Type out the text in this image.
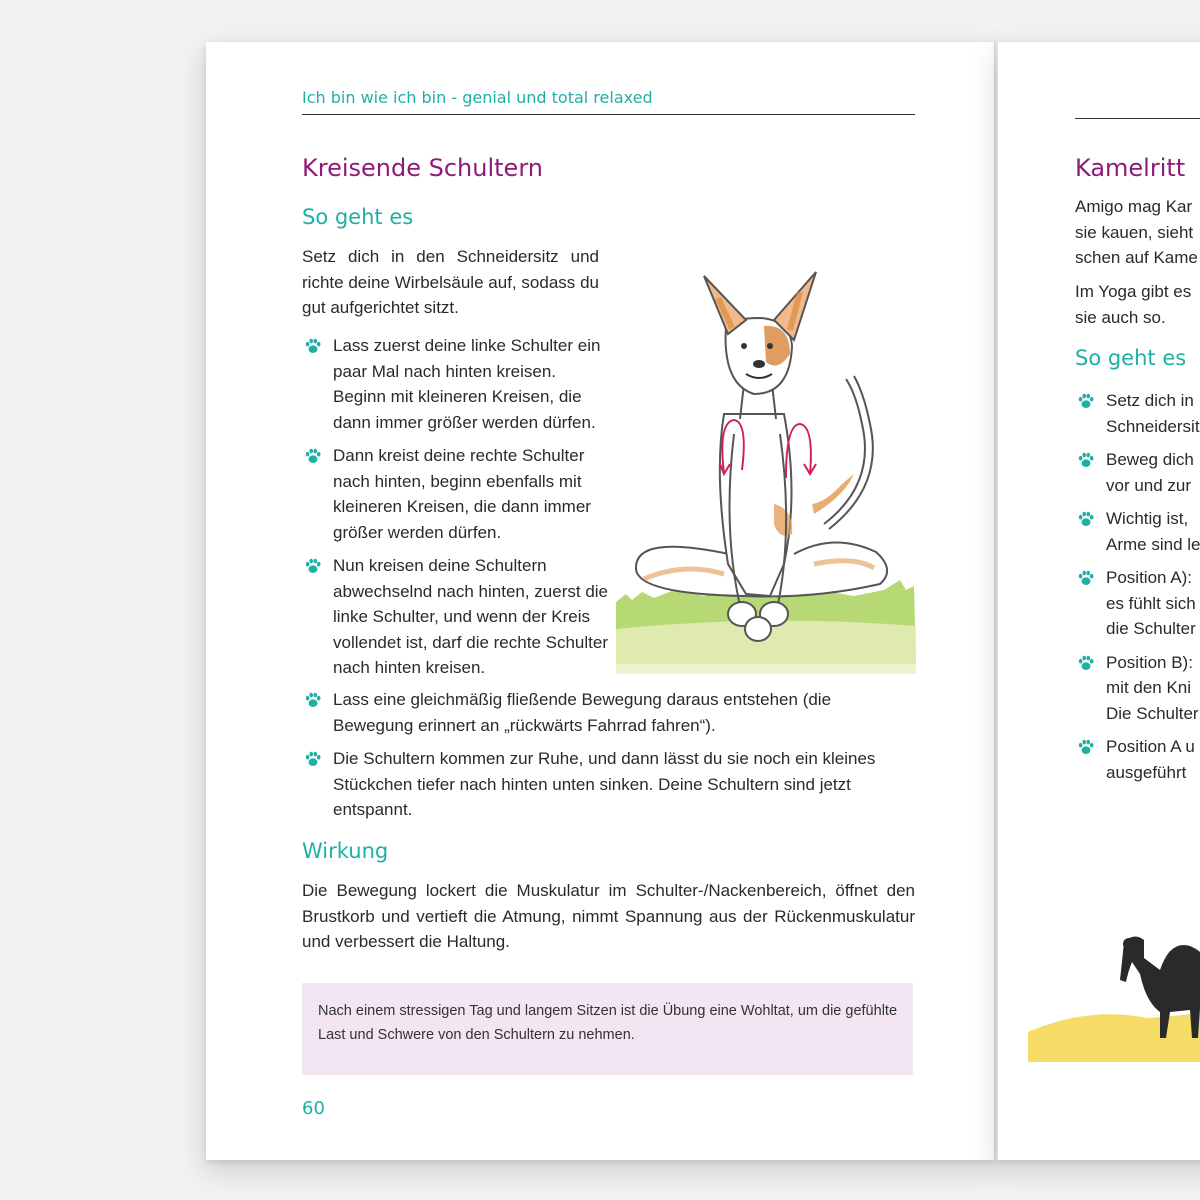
Ich bin wie ich bin - genial und total relaxed
Kreisende Schultern
So geht es

Setz dich in den Schneidersitz und richte deine Wirbelsäule auf, sodass du gut aufgerichtet sitzt.

Lass zuerst deine linke Schulter ein paar Mal nach hinten kreisen. Beginn mit kleineren Kreisen, die dann immer größer werden dürfen.
Dann kreist deine rechte Schulter nach hinten, beginn ebenfalls mit kleineren Kreisen, die dann immer größer werden dürfen.
Nun kreisen deine Schultern abwechselnd nach hinten, zuerst die linke Schulter, und wenn der Kreis vollendet ist, darf die rechte Schulter nach hinten kreisen.
Lass eine gleichmäßig fließende Bewegung daraus entstehen (die Bewegung erinnert an „rückwärts Fahrrad fahren“).
Die Schultern kommen zur Ruhe, und dann lässt du sie noch ein kleines Stückchen tiefer nach hinten unten sinken. Deine Schultern sind jetzt entspannt.
Wirkung

Die Bewegung lockert die Muskulatur im Schulter-/Nackenbereich, öffnet den Brustkorb und vertieft die Atmung, nimmt Spannung aus der Rückenmuskulatur und verbessert die Haltung.

Nach einem stressigen Tag und langem Sitzen ist die Übung eine Wohltat, um die gefühlte Last und Schwere von den Schultern zu nehmen.
60
Kamelritt
Amigo mag Kar
sie kauen, sieht
schen auf Kame
Im Yoga gibt es
sie auch so.
So geht es
Setz dich in
Schneidersit
Beweg dich
vor und zur
Wichtig ist,
Arme sind le
Position A):
es fühlt sich
die Schulter
Position B):
mit den Kni
Die Schulter
Position A u
ausgeführt
